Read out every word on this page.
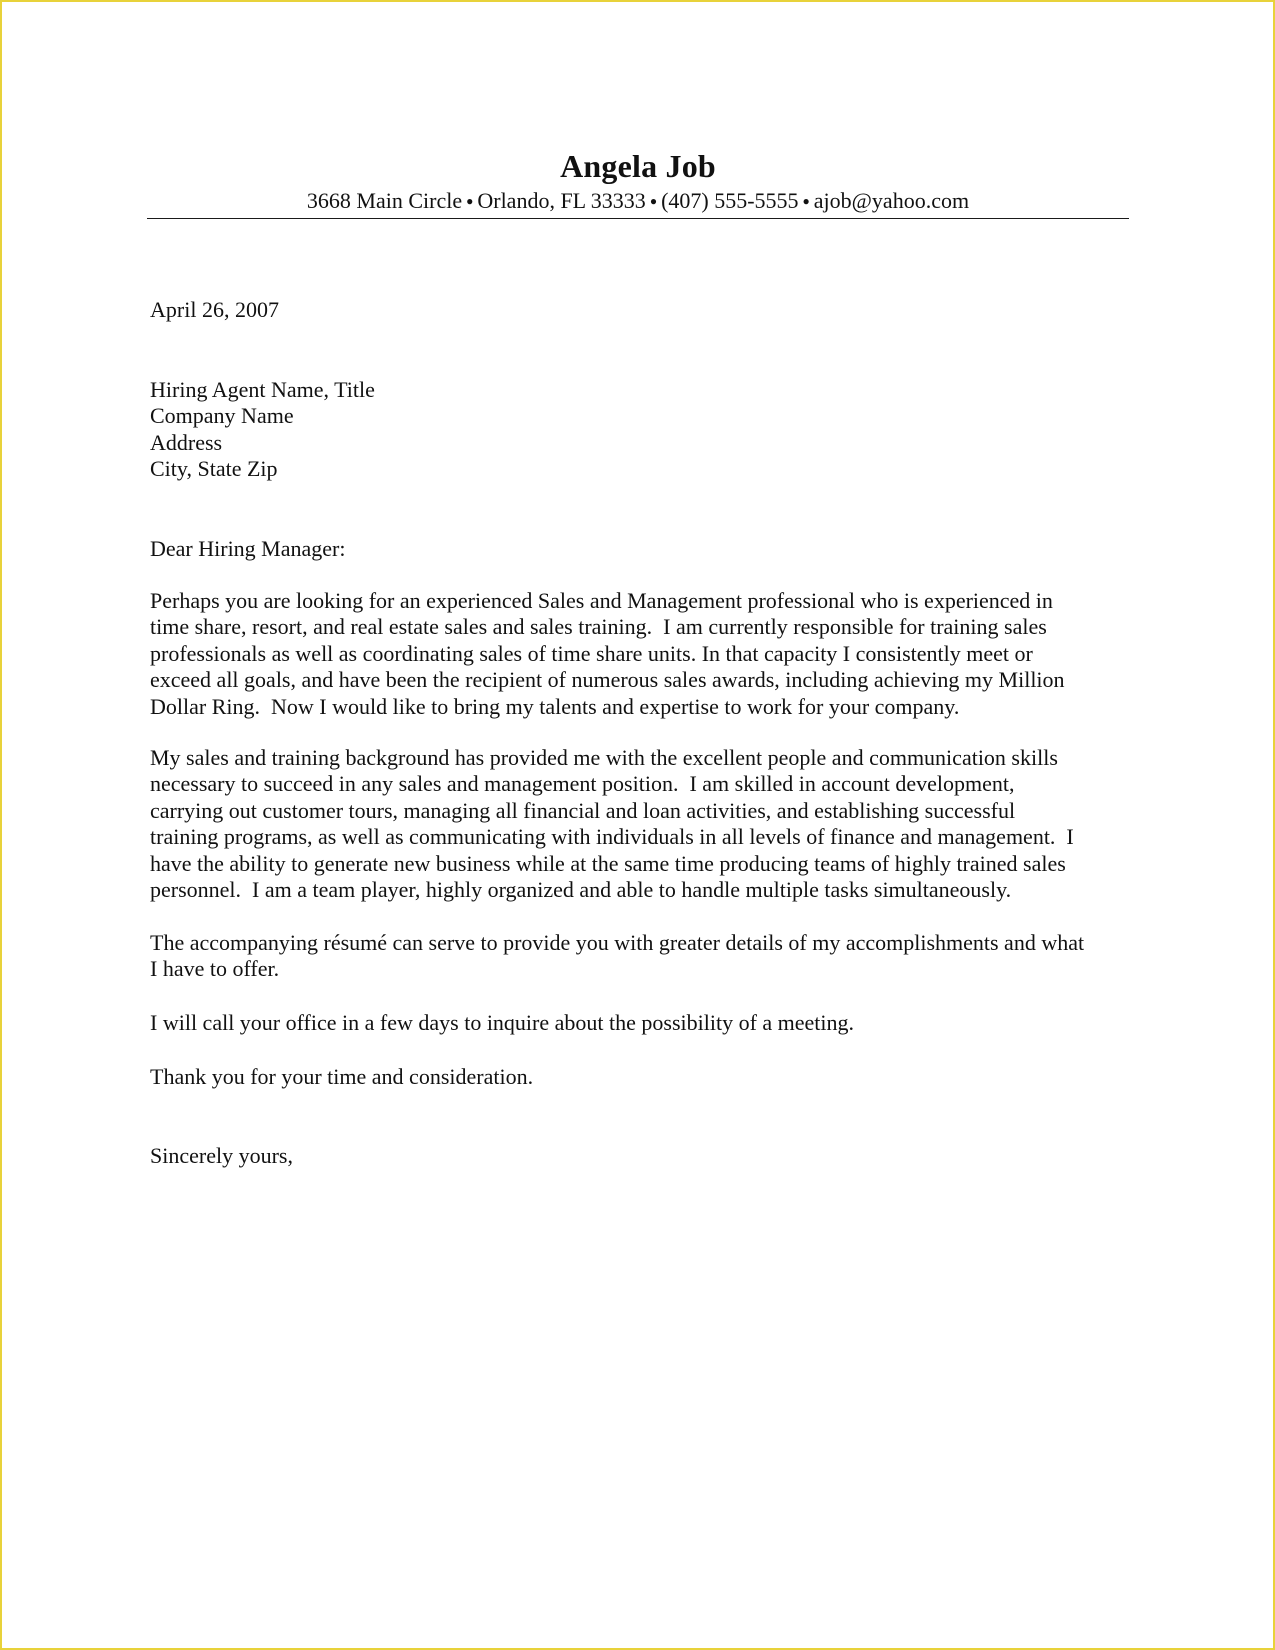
Angela Job
3668 Main Circle ● Orlando, FL 33333 ● (407) 555-5555 ● ajob@yahoo.com
April 26, 2007
Hiring Agent Name, Title
Company Name
Address
City, State Zip
Dear Hiring Manager:
Perhaps you are looking for an experienced Sales and Management professional who is experienced in
time share, resort, and real estate sales and sales training.  I am currently responsible for training sales
professionals as well as coordinating sales of time share units. In that capacity I consistently meet or
exceed all goals, and have been the recipient of numerous sales awards, including achieving my Million
Dollar Ring.  Now I would like to bring my talents and expertise to work for your company.
My sales and training background has provided me with the excellent people and communication skills
necessary to succeed in any sales and management position.  I am skilled in account development,
carrying out customer tours, managing all financial and loan activities, and establishing successful
training programs, as well as communicating with individuals in all levels of finance and management.  I
have the ability to generate new business while at the same time producing teams of highly trained sales
personnel.  I am a team player, highly organized and able to handle multiple tasks simultaneously.
The accompanying résumé can serve to provide you with greater details of my accomplishments and what
I have to offer.
I will call your office in a few days to inquire about the possibility of a meeting.
Thank you for your time and consideration.
Sincerely yours,
